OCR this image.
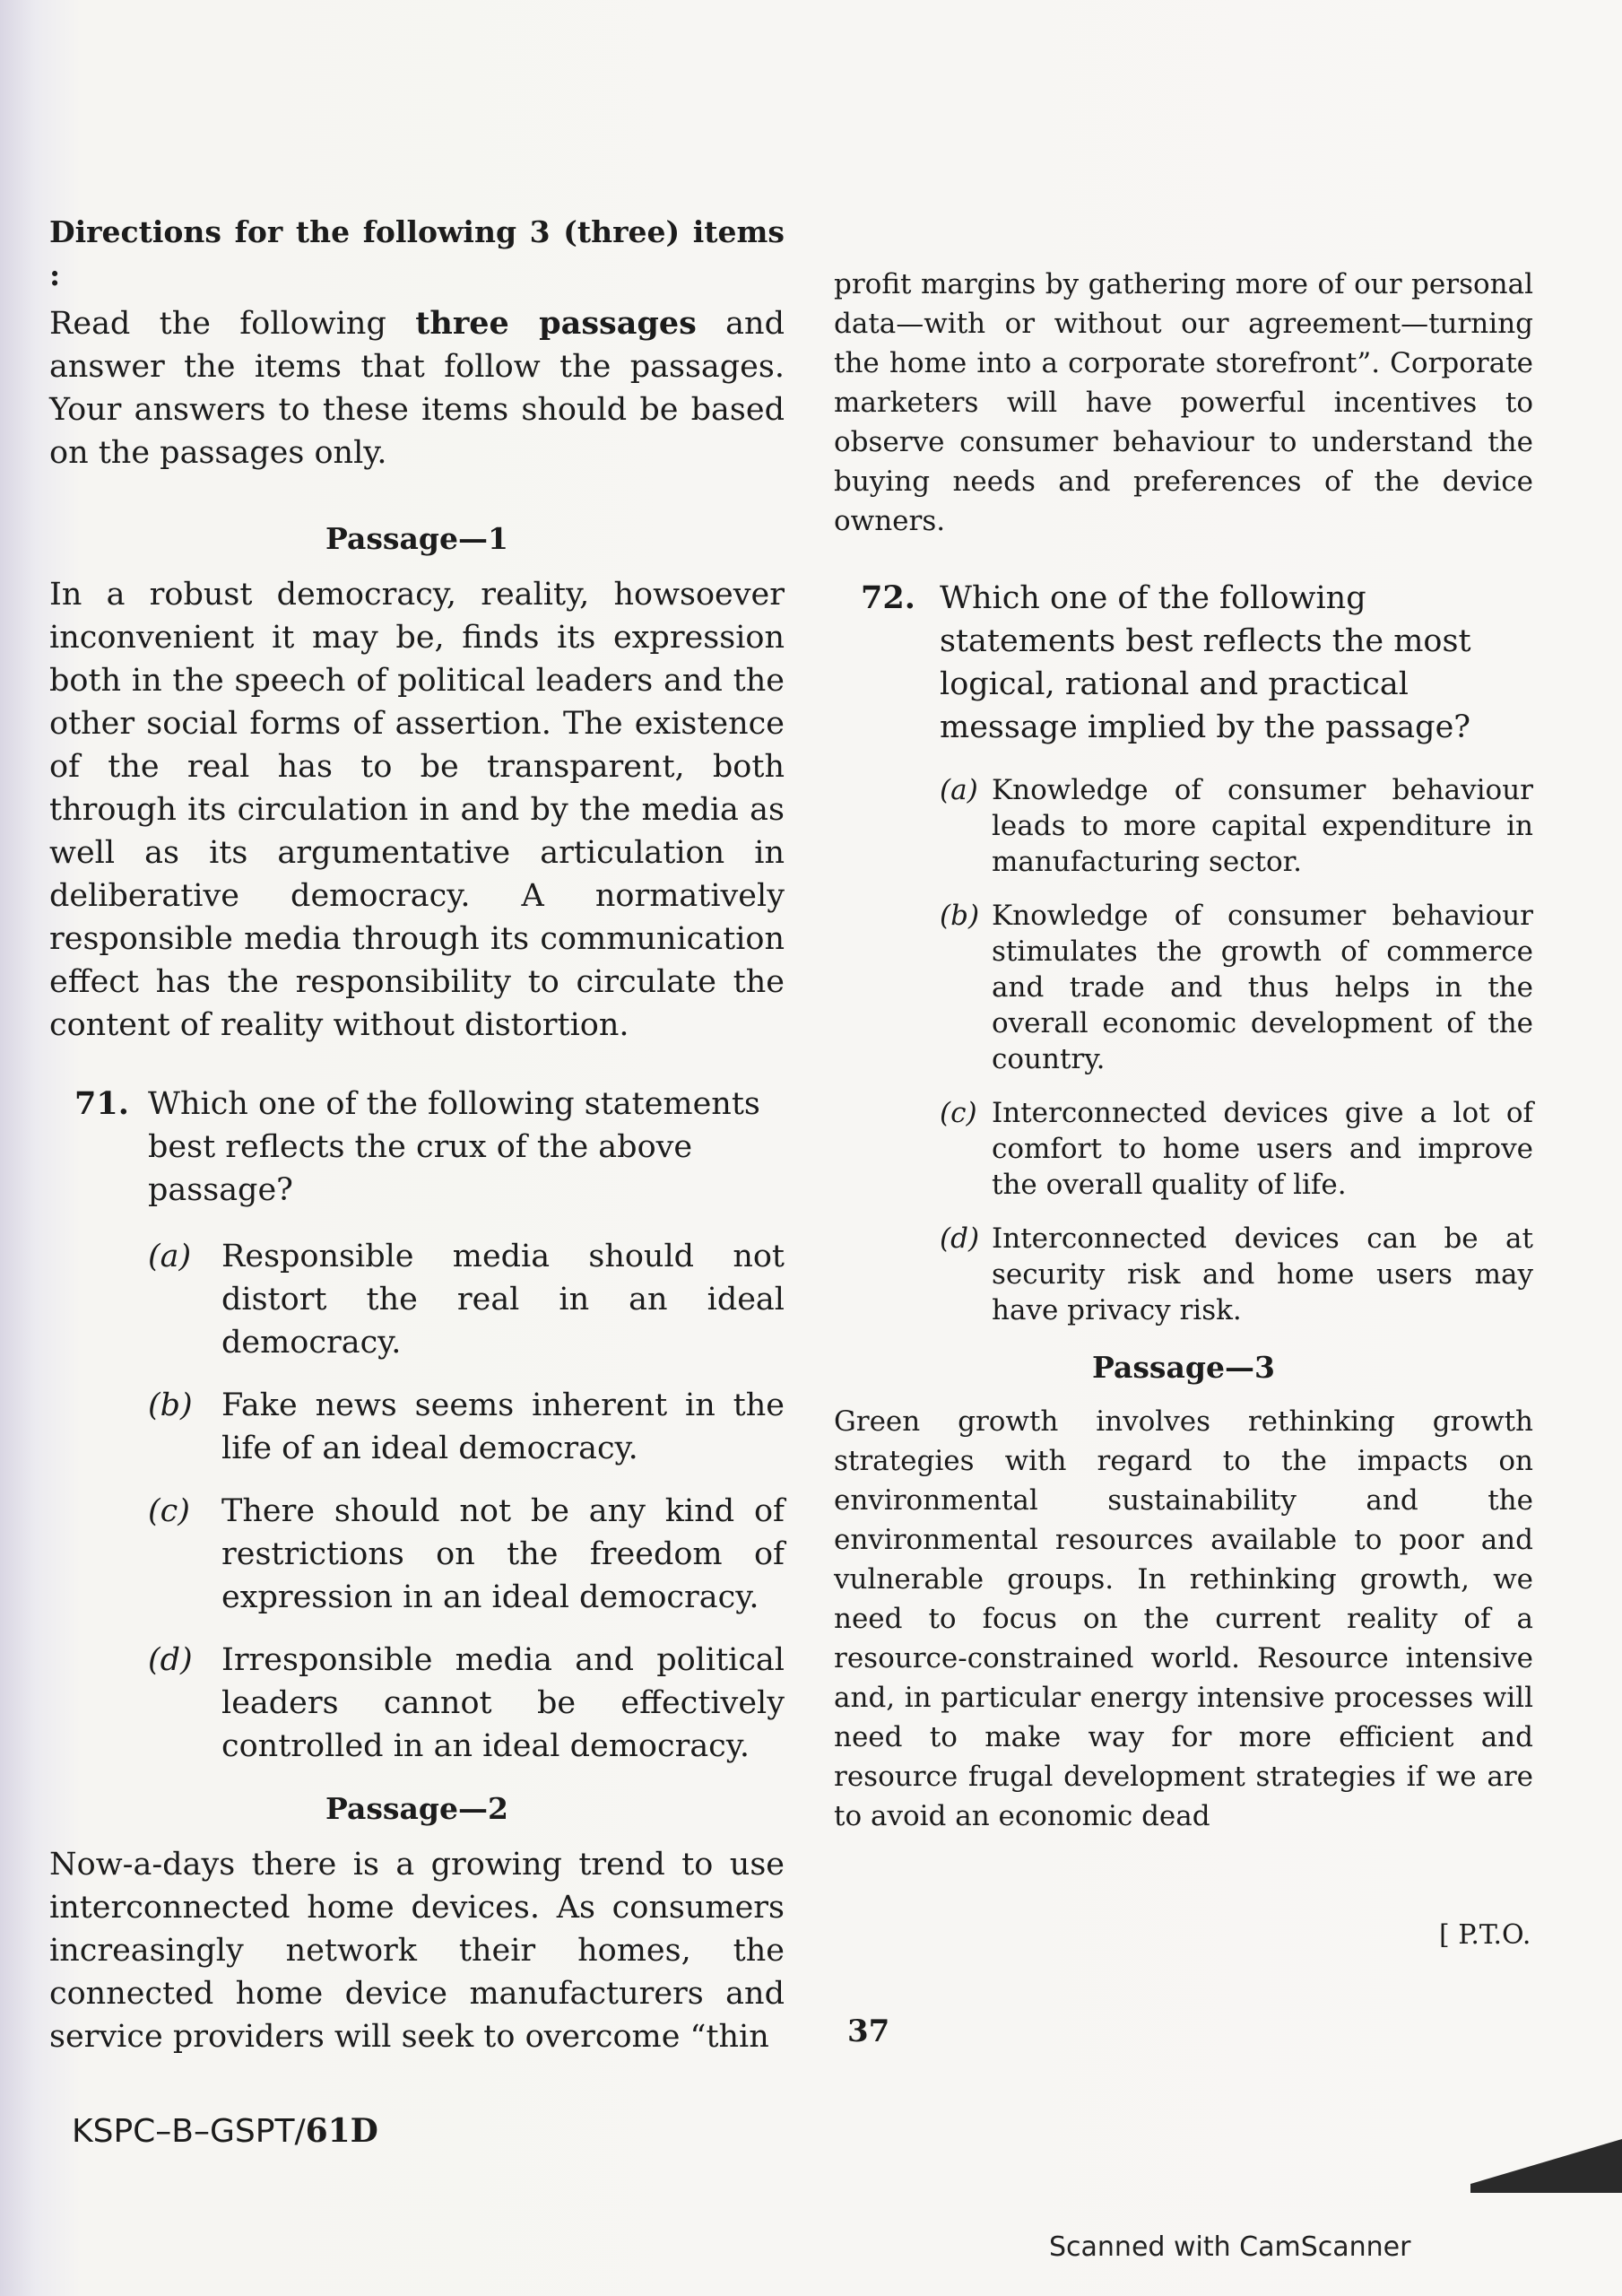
Directions for the following 3 (three) items :

Read the following three passages and answer the items that follow the passages. Your answers to these items should be based on the passages only.

Passage—1

In a robust democracy, reality, howsoever inconvenient it may be, finds its expression both in the speech of political leaders and the other social forms of assertion. The existence of the real has to be transparent, both through its circulation in and by the media as well as its argumentative articulation in deliberative democracy. A normatively responsible media through its communication effect has the responsibility to circulate the content of reality without distortion.

71. Which one of the following statements best reflects the crux of the above passage?
(a) Responsible media should not distort the real in an ideal democracy.
(b) Fake news seems inherent in the life of an ideal democracy.
(c)	There should not be any kind of restrictions on the freedom of expression in an ideal democracy.
(d) Irresponsible media and political leaders cannot be effectively controlled in an ideal democracy.

Passage—2

Now-a-days there is a growing trend to use interconnected home devices. As consumers increasingly network their homes, the connected home device manufacturers and service providers will seek to overcome “thin

profit margins by gathering more of our personal data—with or without our agreement—turning the home into a corporate storefront”. Corporate marketers will have powerful incentives to observe consumer behaviour to understand the buying needs and preferences of the device owners.

72. Which one of the following statements best reflects the most logical, rational and practical message implied by the passage?
(a) Knowledge of consumer behaviour leads to more capital expenditure in manufacturing sector.
(b) Knowledge of consumer behaviour stimulates the growth of commerce and trade and thus helps in the overall economic development of the country.
(c) Interconnected devices give a lot of comfort to home users and improve the overall quality of life.
(d) Interconnected devices can be at security risk and home users may have privacy risk.

Passage—3

Green growth involves rethinking growth strategies with regard to the impacts on environmental sustainability and the environmental resources available to poor and vulnerable groups. In rethinking growth, we need to focus on the current reality of a resource-constrained world. Resource intensive and, in particular energy intensive processes will need to make way for more efficient and resource frugal development strategies if we are to avoid an economic dead

[ P.T.O.
37
KSPC–B–GSPT/61D
Scanned with CamScanner
